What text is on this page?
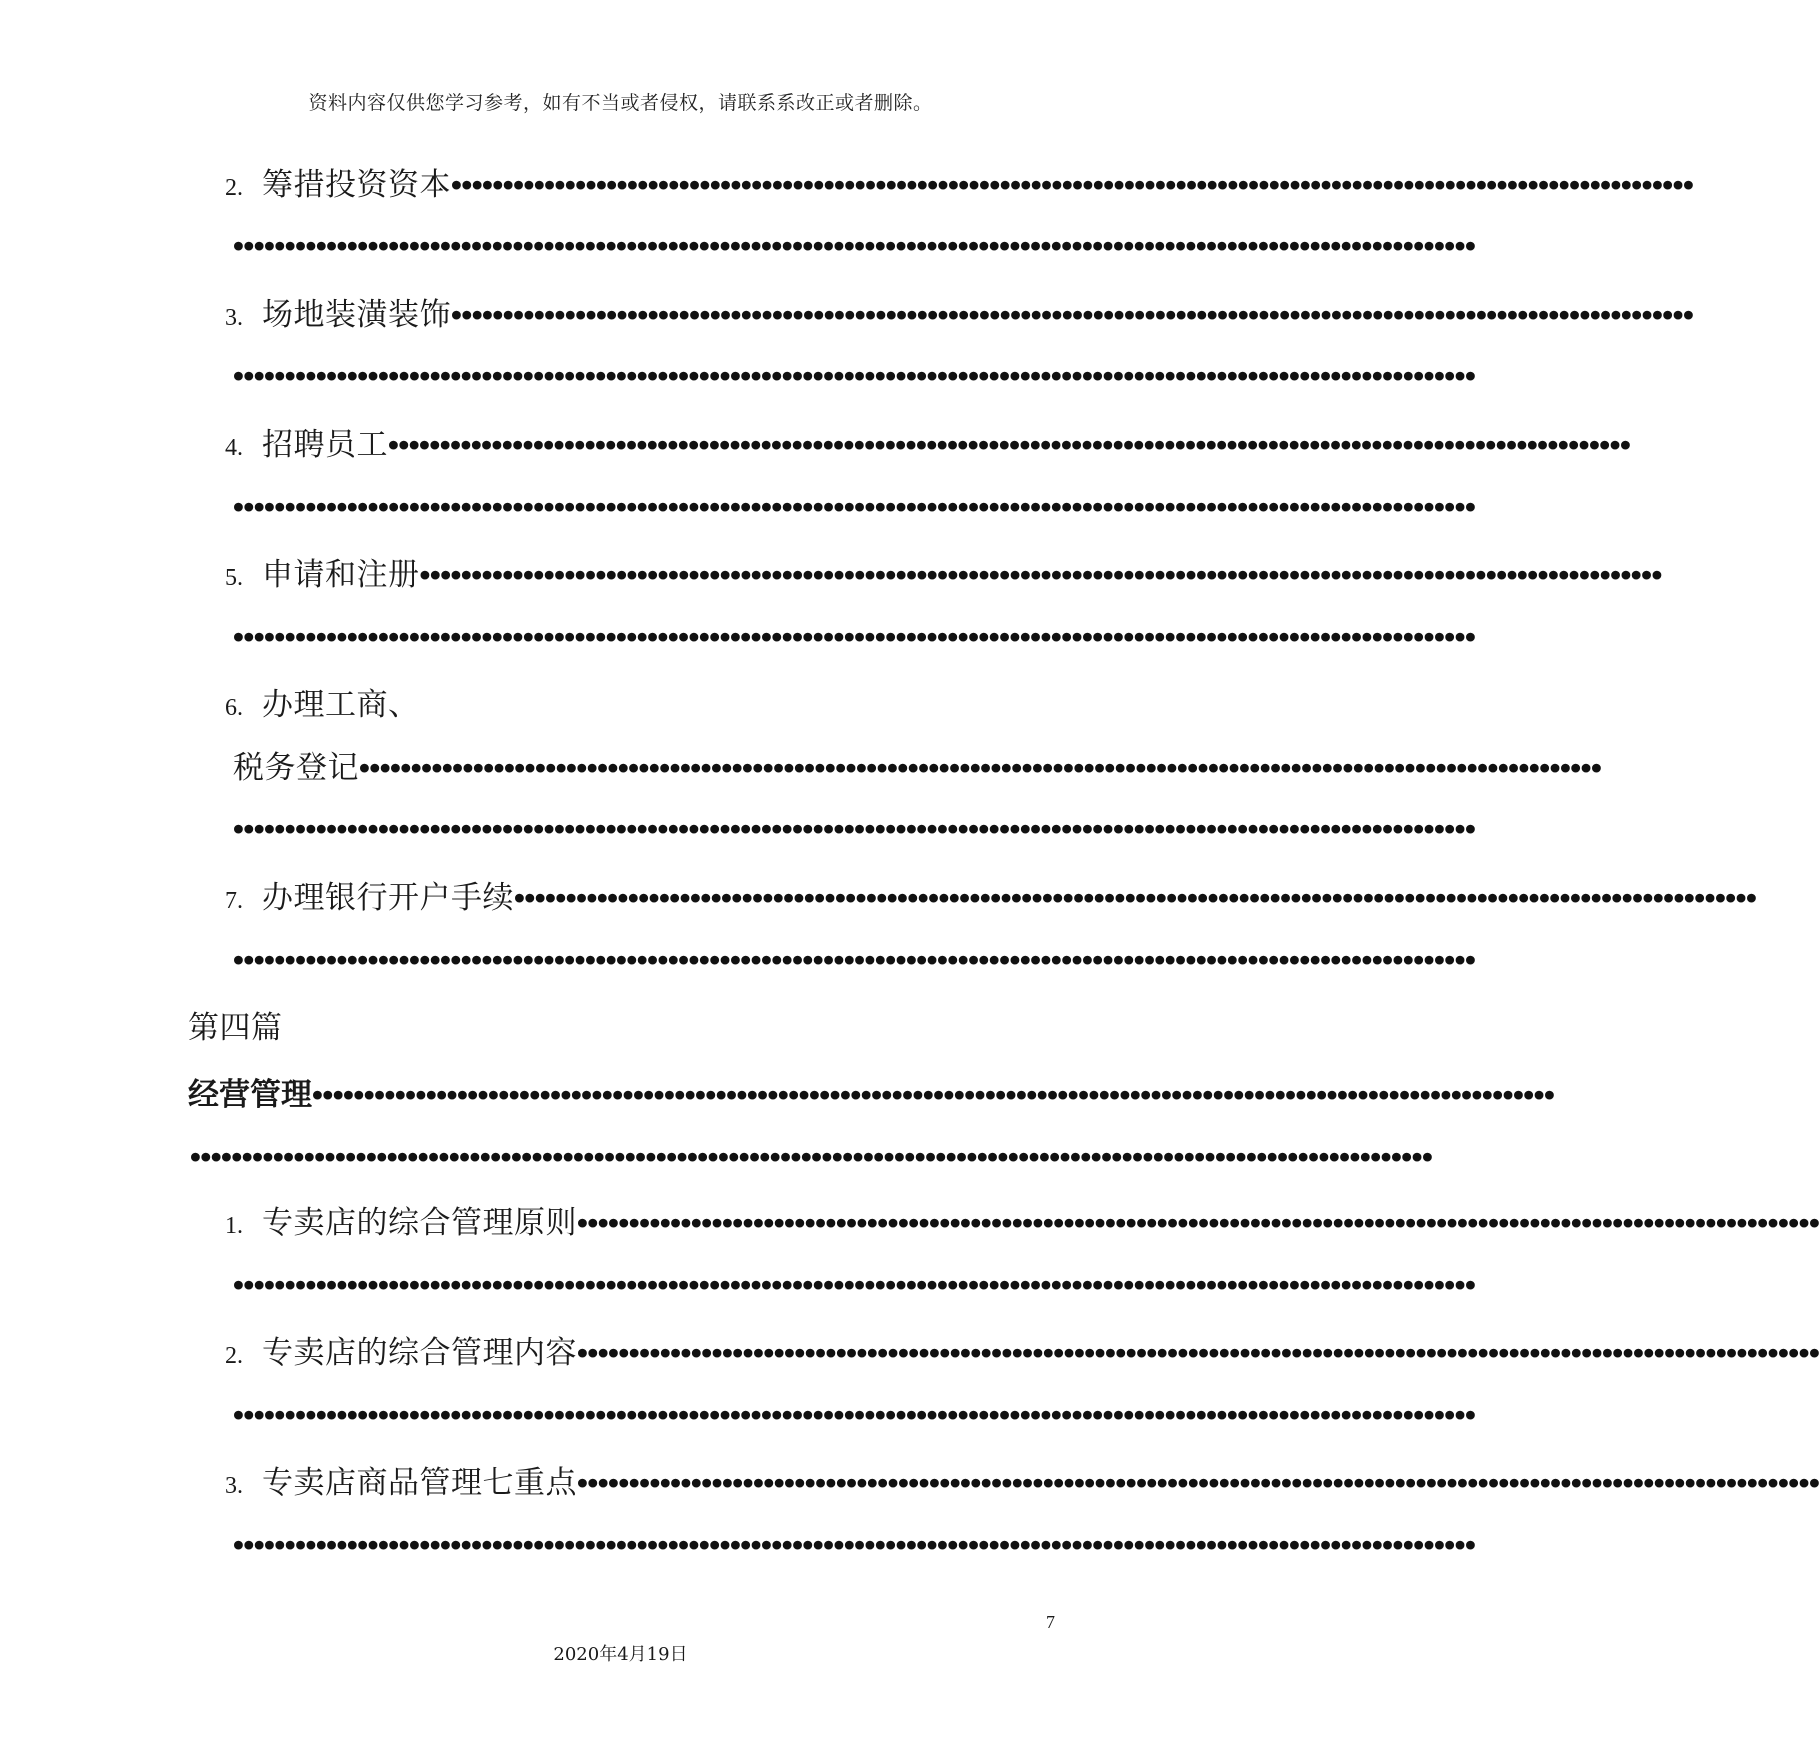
资料内容仅供您学习参考，如有不当或者侵权，请联系系改正或者删除。
2. 筹措投资资本••••••••••••••••••••••••••••••••••••••••••••••••••••••••••••••••••••••••••••••••••••••••••••••••••••••••••••••••••••••••
••••••••••••••••••••••••••••••••••••••••••••••••••••••••••••••••••••••••••••••••••••••••••••••••••••••••••••••••••••••••
3. 场地装潢装饰••••••••••••••••••••••••••••••••••••••••••••••••••••••••••••••••••••••••••••••••••••••••••••••••••••••••••••••••••••••••
••••••••••••••••••••••••••••••••••••••••••••••••••••••••••••••••••••••••••••••••••••••••••••••••••••••••••••••••••••••••
4. 招聘员工••••••••••••••••••••••••••••••••••••••••••••••••••••••••••••••••••••••••••••••••••••••••••••••••••••••••••••••••••••••••
••••••••••••••••••••••••••••••••••••••••••••••••••••••••••••••••••••••••••••••••••••••••••••••••••••••••••••••••••••••••
5. 申请和注册••••••••••••••••••••••••••••••••••••••••••••••••••••••••••••••••••••••••••••••••••••••••••••••••••••••••••••••••••••••••
••••••••••••••••••••••••••••••••••••••••••••••••••••••••••••••••••••••••••••••••••••••••••••••••••••••••••••••••••••••••
6. 办理工商、
税务登记••••••••••••••••••••••••••••••••••••••••••••••••••••••••••••••••••••••••••••••••••••••••••••••••••••••••••••••••••••••••
••••••••••••••••••••••••••••••••••••••••••••••••••••••••••••••••••••••••••••••••••••••••••••••••••••••••••••••••••••••••
7. 办理银行开户手续••••••••••••••••••••••••••••••••••••••••••••••••••••••••••••••••••••••••••••••••••••••••••••••••••••••••••••••••••••••••
••••••••••••••••••••••••••••••••••••••••••••••••••••••••••••••••••••••••••••••••••••••••••••••••••••••••••••••••••••••••
第四篇
经营管理••••••••••••••••••••••••••••••••••••••••••••••••••••••••••••••••••••••••••••••••••••••••••••••••••••••••••••••••••••••••
••••••••••••••••••••••••••••••••••••••••••••••••••••••••••••••••••••••••••••••••••••••••••••••••••••••••••••••••••••••••
1. 专卖店的综合管理原则••••••••••••••••••••••••••••••••••••••••••••••••••••••••••••••••••••••••••••••••••••••••••••••••••••••••••••••••••••••••
••••••••••••••••••••••••••••••••••••••••••••••••••••••••••••••••••••••••••••••••••••••••••••••••••••••••••••••••••••••••
2. 专卖店的综合管理内容••••••••••••••••••••••••••••••••••••••••••••••••••••••••••••••••••••••••••••••••••••••••••••••••••••••••••••••••••••••••
••••••••••••••••••••••••••••••••••••••••••••••••••••••••••••••••••••••••••••••••••••••••••••••••••••••••••••••••••••••••
3. 专卖店商品管理七重点••••••••••••••••••••••••••••••••••••••••••••••••••••••••••••••••••••••••••••••••••••••••••••••••••••••••••••••••••••••••
••••••••••••••••••••••••••••••••••••••••••••••••••••••••••••••••••••••••••••••••••••••••••••••••••••••••••••••••••••••••
7
2020年4月19日
